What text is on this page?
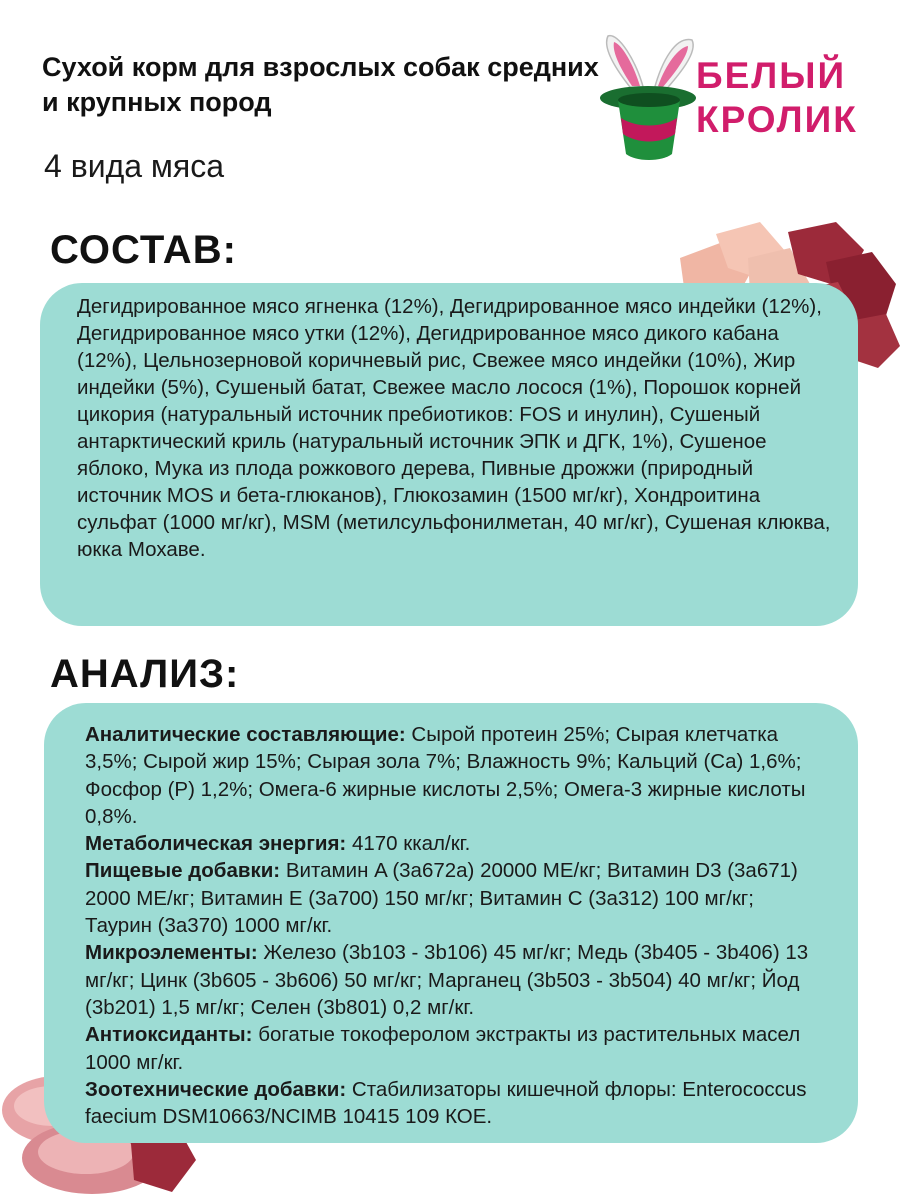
Сухой корм для взрослых собак средних и крупных пород
4 вида мяса
БЕЛЫЙ
КРОЛИК
СОСТАВ:
Дегидрированное мясо ягненка (12%), Дегидрированное мясо индейки (12%), Дегидрированное мясо утки (12%), Дегидрированное мясо дикого кабана (12%), Цельнозерновой коричневый рис, Свежее мясо индейки (10%), Жир индейки (5%), Сушеный батат, Свежее масло лосося (1%), Порошок корней цикория (натуральный источник пребиотиков: FOS и инулин), Сушеный антарктический криль (натуральный источник ЭПК и ДГК, 1%), Сушеное яблоко, Мука из плода рожкового дерева, Пивные дрожжи (природный источник MOS и бета-глюканов), Глюкозамин (1500 мг/кг), Хондроитина сульфат (1000 мг/кг), MSM (метилсульфонилметан, 40 мг/кг), Сушеная клюква, юкка Мохаве.
АНАЛИЗ:

Аналитические составляющие: Сырой протеин 25%; Сырая клетчатка 3,5%; Сырой жир 15%; Сырая зола 7%; Влажность 9%; Кальций (Ca) 1,6%; Фосфор (P) 1,2%; Омега-6 жирные кислоты 2,5%; Омега-3 жирные кислоты 0,8%.

Метаболическая энергия: 4170 ккал/кг.

Пищевые добавки: Витамин A (3a672a) 20000 МЕ/кг; Витамин D3 (3a671) 2000 МЕ/кг; Витамин E (3a700) 150 мг/кг; Витамин C (3a312) 100 мг/кг; Таурин (3a370) 1000 мг/кг.

Микроэлементы: Железо (3b103 - 3b106) 45 мг/кг; Медь (3b405 - 3b406) 13 мг/кг; Цинк (3b605 - 3b606) 50 мг/кг; Марганец (3b503 - 3b504) 40 мг/кг; Йод (3b201) 1,5 мг/кг; Селен (3b801) 0,2 мг/кг.

Антиоксиданты: богатые токоферолом экстракты из растительных масел 1000 мг/кг.

Зоотехнические добавки: Стабилизаторы кишечной флоры: Enterococcus faecium DSM10663/NCIMB 10415 109 КОЕ.
